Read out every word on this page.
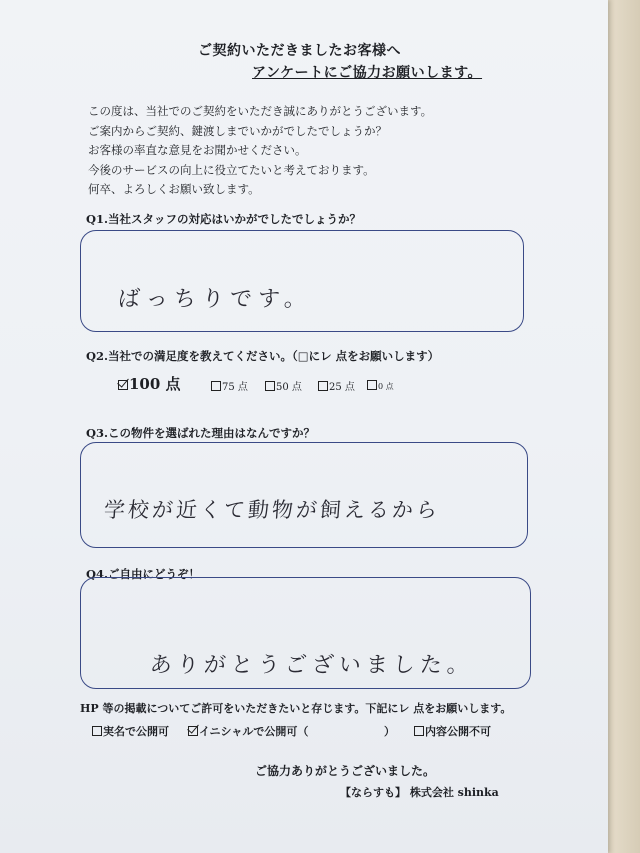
ご契約いただきましたお客様へ
アンケートにご協力お願いします。
この度は、当社でのご契約をいただき誠にありがとうございます。
ご案内からご契約、鍵渡しまでいかがでしたでしょうか？
お客様の率直な意見をお聞かせください。
今後のサービスの向上に役立てたいと考えております。
何卒、よろしくお願い致します。
Q1.当社スタッフの対応はいかがでしたでしょうか？
ばっちりです。
Q2.当社での満足度を教えてください。（□にレ 点をお願いします）
100 点	75 点	50 点	25 点	0 点
Q3.この物件を選ばれた理由はなんですか？
学校が近くて動物が飼えるから
Q4.ご自由にどうぞ！
ありがとうございました。
HP 等の掲載についてご許可をいただきたいと存じます。下記にレ 点をお願いします。
実名で公開可	イニシャルで公開可（	）	内容公開不可
ご協力ありがとうございました。
【ならすも】 株式会社 shinka
